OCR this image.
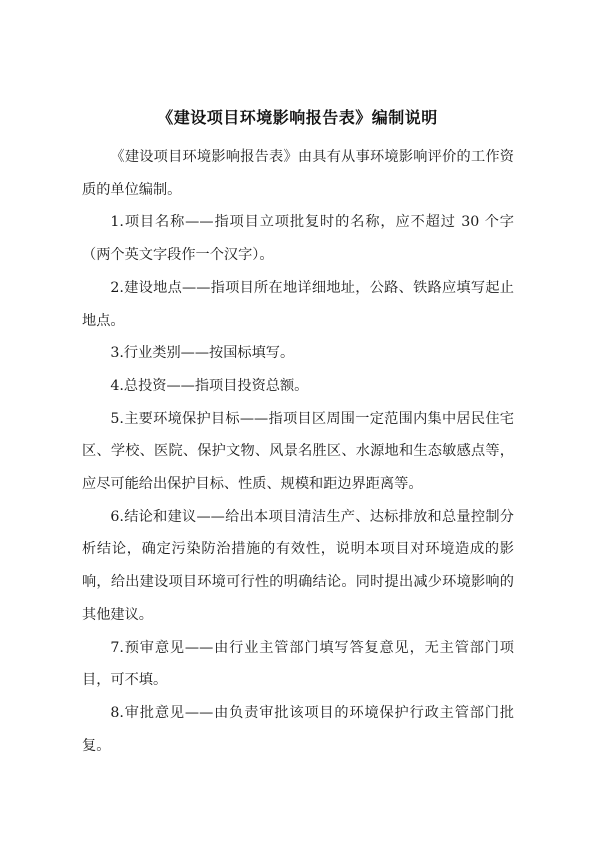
《建设项目环境影响报告表》编制说明

《建设项目环境影响报告表》由具有从事环境影响评价的工作资质的单位编制。

1.项目名称——指项目立项批复时的名称，应不超过 30 个字（两个英文字段作一个汉字）。

2.建设地点——指项目所在地详细地址，公路、铁路应填写起止地点。

3.行业类别——按国标填写。

4.总投资——指项目投资总额。

5.主要环境保护目标——指项目区周围一定范围内集中居民住宅区、学校、医院、保护文物、风景名胜区、水源地和生态敏感点等，应尽可能给出保护目标、性质、规模和距边界距离等。

6.结论和建议——给出本项目清洁生产、达标排放和总量控制分析结论，确定污染防治措施的有效性，说明本项目对环境造成的影响，给出建设项目环境可行性的明确结论。同时提出减少环境影响的其他建议。

7.预审意见——由行业主管部门填写答复意见，无主管部门项目，可不填。

8.审批意见——由负责审批该项目的环境保护行政主管部门批复。
